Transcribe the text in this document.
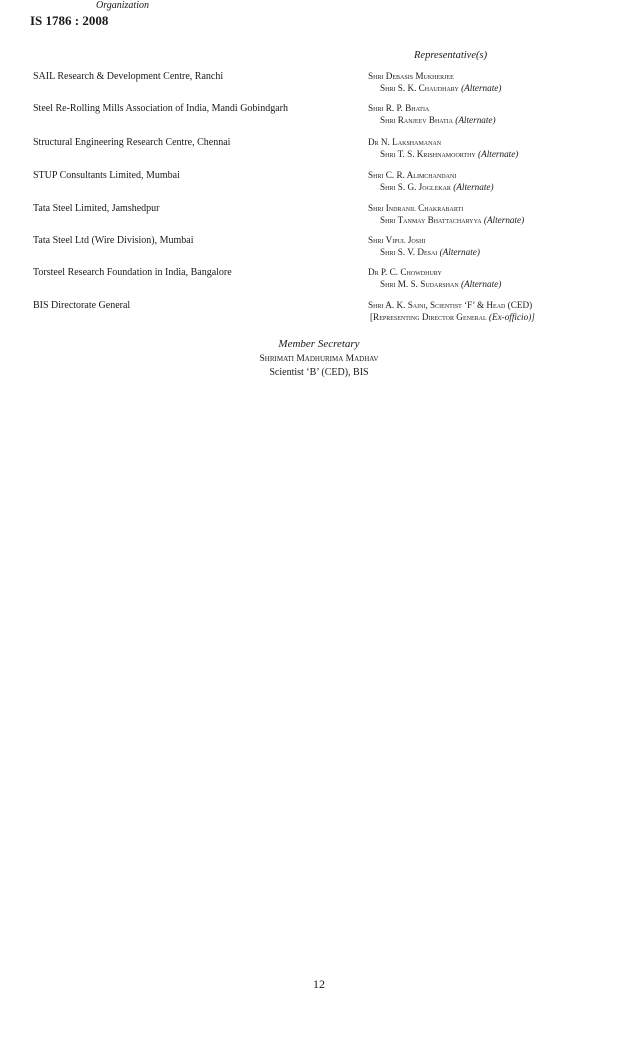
IS 1786 : 2008
Organization
Representative(s)
SAIL Research & Development Centre, Ranchi	Shri Debasis Mukherjee
Shri S. K. Chaudhary (Alternate)
Steel Re-Rolling Mills Association of India, Mandi Gobindgarh	Shri R. P. Bhatia
Shri Ranjeev Bhatia (Alternate)
Structural Engineering Research Centre, Chennai	Dr N. Lakshamanan
Shri T. S. Krishnamoorthy (Alternate)
STUP Consultants Limited, Mumbai	Shri C. R. Alimchandani
Shri S. G. Joglekar (Alternate)
Tata Steel Limited, Jamshedpur	Shri Indranil Chakrabarti
Shri Tanmay Bhattacharyya (Alternate)
Tata Steel Ltd (Wire Division), Mumbai	Shri Vipul Joshi
Shri S. V. Desai (Alternate)
Torsteel Research Foundation in India, Bangalore	Dr P. C. Chowdhury
Shri M. S. Sudarshan (Alternate)
BIS Directorate General	Shri A. K. Saini, Scientist ‘F’ & Head (CED)
[Representing Director General (Ex-officio)]
Member Secretary
Shrimati Madhurima Madhav
Scientist ‘B’ (CED), BIS
12
